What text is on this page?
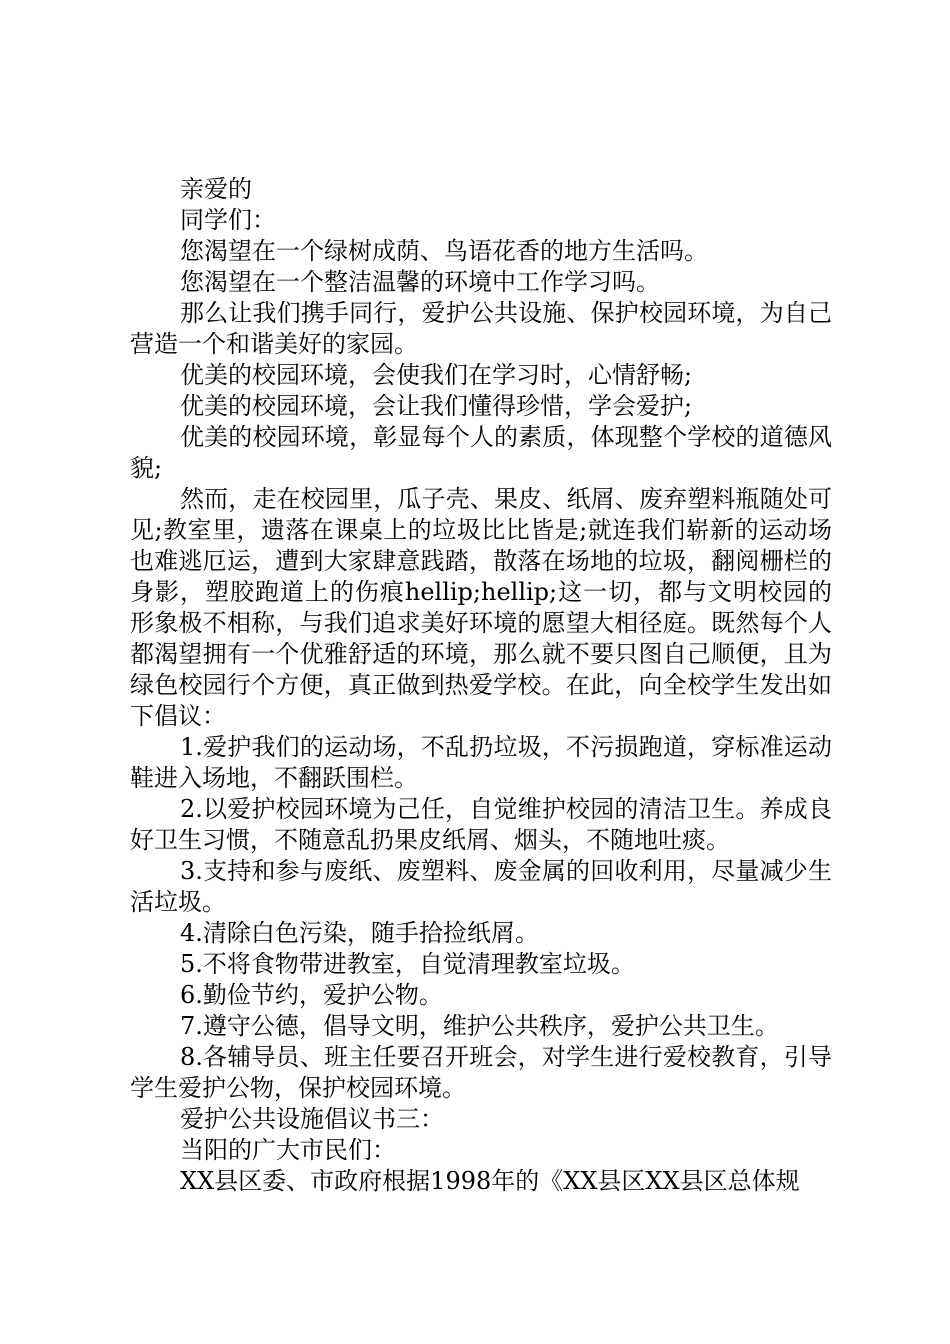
亲爱的

同学们：

您渴望在一个绿树成荫、鸟语花香的地方生活吗。

您渴望在一个整洁温馨的环境中工作学习吗。

那么让我们携手同行，爱护公共设施、保护校园环境，为自己营造一个和谐美好的家园。

优美的校园环境，会使我们在学习时，心情舒畅;

优美的校园环境，会让我们懂得珍惜，学会爱护;

优美的校园环境，彰显每个人的素质，体现整个学校的道德风貌;

然而，走在校园里，瓜子壳、果皮、纸屑、废弃塑料瓶随处可见;教室里，遗落在课桌上的垃圾比比皆是;就连我们崭新的运动场也难逃厄运，遭到大家肆意践踏，散落在场地的垃圾，翻阅栅栏的身影，塑胶跑道上的伤痕hellip;hellip;这一切，都与文明校园的形象极不相称，与我们追求美好环境的愿望大相径庭。既然每个人都渴望拥有一个优雅舒适的环境，那么就不要只图自己顺便，且为绿色校园行个方便，真正做到热爱学校。在此，向全校学生发出如下倡议：

1.爱护我们的运动场，不乱扔垃圾，不污损跑道，穿标准运动鞋进入场地，不翻跃围栏。

2.以爱护校园环境为己任，自觉维护校园的清洁卫生。养成良好卫生习惯，不随意乱扔果皮纸屑、烟头，不随地吐痰。

3.支持和参与废纸、废塑料、废金属的回收利用，尽量减少生活垃圾。

4.清除白色污染，随手拾捡纸屑。

5.不将食物带进教室，自觉清理教室垃圾。

6.勤俭节约，爱护公物。

7.遵守公德，倡导文明，维护公共秩序，爱护公共卫生。

8.各辅导员、班主任要召开班会，对学生进行爱校教育，引导学生爱护公物，保护校园环境。

爱护公共设施倡议书三：

当阳的广大市民们：

XX县区委、市政府根据1998年的《XX县区XX县区总体规
